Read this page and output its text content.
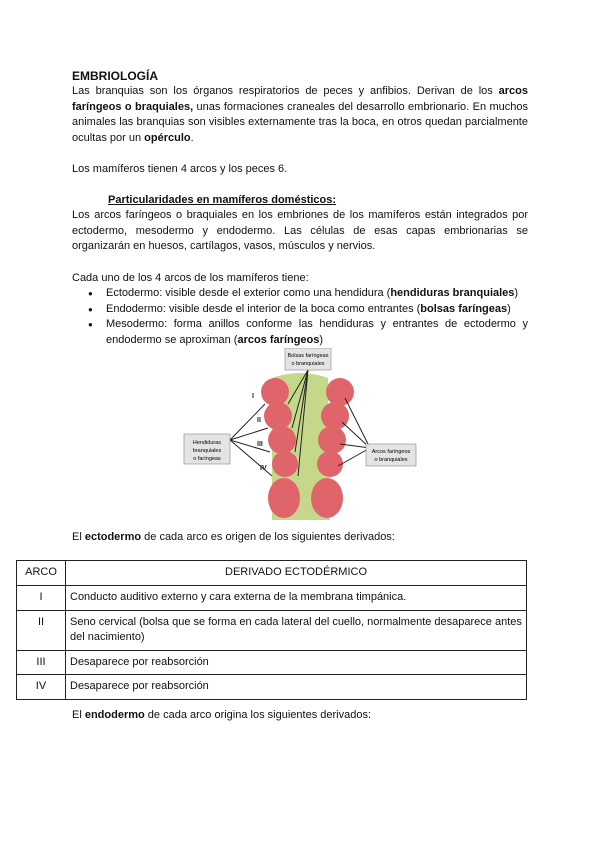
EMBRIOLOGÍA

Las branquias son los órganos respiratorios de peces y anfibios. Derivan de los arcos faríngeos o braquiales, unas formaciones craneales del desarrollo embrionario. En muchos animales las branquias son visibles externamente tras la boca, en otros quedan parcialmente ocultas por un opérculo.

Los mamíferos tienen 4 arcos y los peces 6.

Particularidades en mamíferos domésticos:

Los arcos faríngeos o braquiales en los embriones de los mamíferos están integrados por ectodermo, mesodermo y endodermo. Las células de esas capas embrionarias se organizarán en huesos, cartílagos, vasos, músculos y nervios.

Cada uno de los 4 arcos de los mamíferos tiene:

● Ectodermo: visible desde el exterior como una hendidura (hendiduras branquiales)
● Endodermo: visible desde el interior de la boca como entrantes (bolsas faríngeas)
● Mesodermo: forma anillos conforme las hendiduras y entrantes de ectodermo y endodermo se aproximan (arcos faríngeos)
Bolsas faríngeas
o branquiales
Hendiduras
branquiales
o faríngeas
Arcos faríngeos
o branquiales
I
II
III
IV

El ectodermo de cada arco es origen de los siguientes derivados:

ARCO	DERIVADO ECTODÉRMICO
I	Conducto auditivo externo y cara externa de la membrana timpánica.
II	Seno cervical (bolsa que se forma en cada lateral del cuello, normalmente desaparece antes del nacimiento)
III	Desaparece por reabsorción
IV	Desaparece por reabsorción

El endodermo de cada arco origina los siguientes derivados:
